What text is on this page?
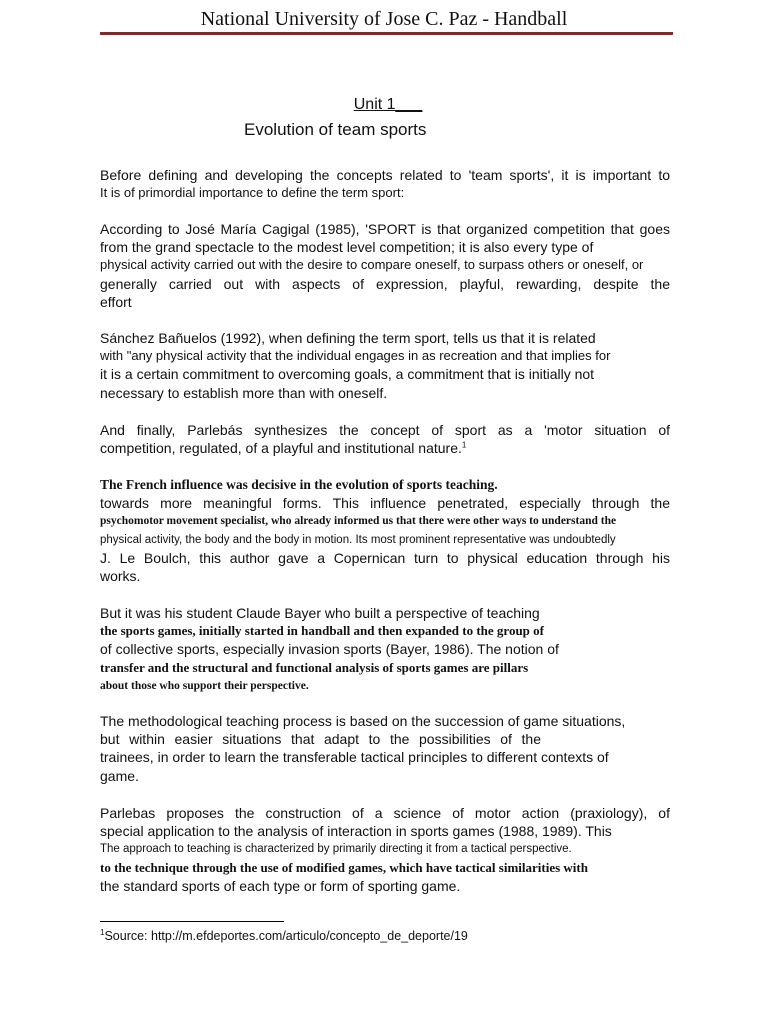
National University of Jose C. Paz - Handball
Unit 1___
Evolution of team sports
Before defining and developing the concepts related to 'team sports', it is important to
It is of primordial importance to define the term sport:
According to José María Cagigal (1985), 'SPORT is that organized competition that goes
from the grand spectacle to the modest level competition; it is also every type of
physical activity carried out with the desire to compare oneself, to surpass others or oneself, or
generally carried out with aspects of expression, playful, rewarding, despite the
effort
Sánchez Bañuelos (1992), when defining the term sport, tells us that it is related
with "any physical activity that the individual engages in as recreation and that implies for
it is a certain commitment to overcoming goals, a commitment that is initially not
necessary to establish more than with oneself.
And finally, Parlebás synthesizes the concept of sport as a 'motor situation of
competition, regulated, of a playful and institutional nature.$^1$
The French influence was decisive in the evolution of sports teaching.
towards more meaningful forms. This influence penetrated, especially through the
psychomotor movement specialist, who already informed us that there were other ways to understand the
physical activity, the body and the body in motion. Its most prominent representative was undoubtedly
J. Le Boulch, this author gave a Copernican turn to physical education through his
works.
But it was his student Claude Bayer who built a perspective of teaching
the sports games, initially started in handball and then expanded to the group of
of collective sports, especially invasion sports (Bayer, 1986). The notion of
transfer and the structural and functional analysis of sports games are pillars
about those who support their perspective.
The methodological teaching process is based on the succession of game situations,
but within easier situations that adapt to the possibilities of the
trainees, in order to learn the transferable tactical principles to different contexts of
game.
Parlebas proposes the construction of a science of motor action (praxiology), of
special application to the analysis of interaction in sports games (1988, 1989). This
The approach to teaching is characterized by primarily directing it from a tactical perspective.
to the technique through the use of modified games, which have tactical similarities with
the standard sports of each type or form of sporting game.
$^1$Source: http://m.efdeportes.com/articulo/concepto_de_deporte/19
